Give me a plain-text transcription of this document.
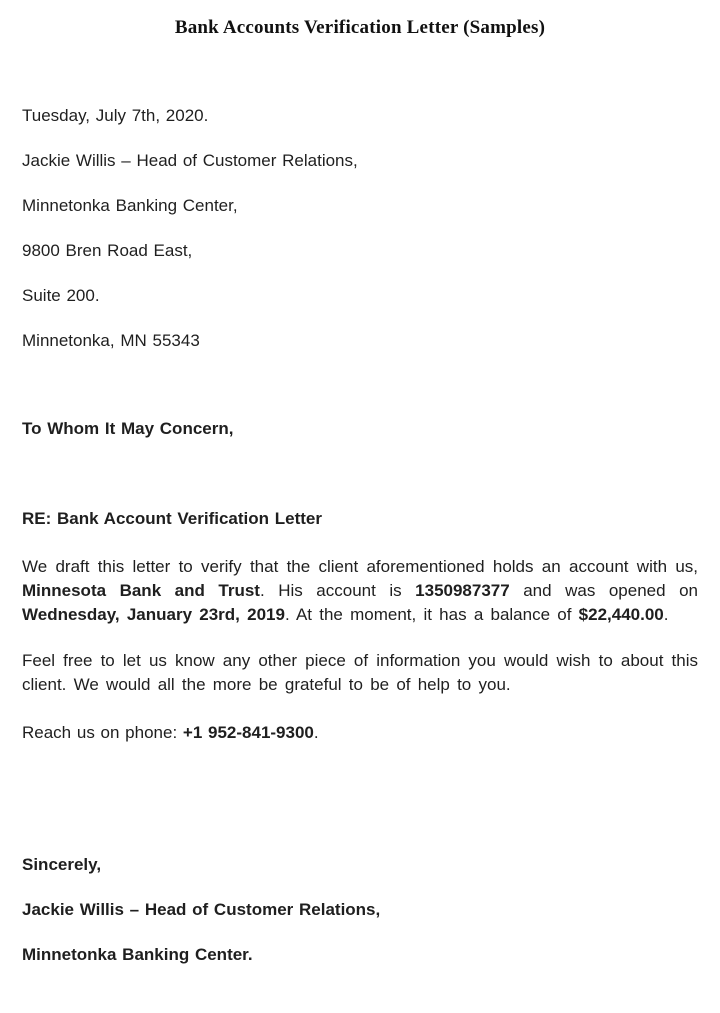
Bank Accounts Verification Letter (Samples)

Tuesday, July 7th, 2020.

Jackie Willis – Head of Customer Relations,

Minnetonka Banking Center,

9800 Bren Road East,

Suite 200.

Minnetonka, MN 55343

To Whom It May Concern,

RE: Bank Account Verification Letter

We draft this letter to verify that the client aforementioned holds an account with us, Minnesota Bank and Trust. His account is 1350987377 and was opened on Wednesday, January 23rd, 2019. At the moment, it has a balance of $22,440.00.

Feel free to let us know any other piece of information you would wish to about this client. We would all the more be grateful to be of help to you.

Reach us on phone: +1 952-841-9300.

Sincerely,

Jackie Willis – Head of Customer Relations,

Minnetonka Banking Center.
